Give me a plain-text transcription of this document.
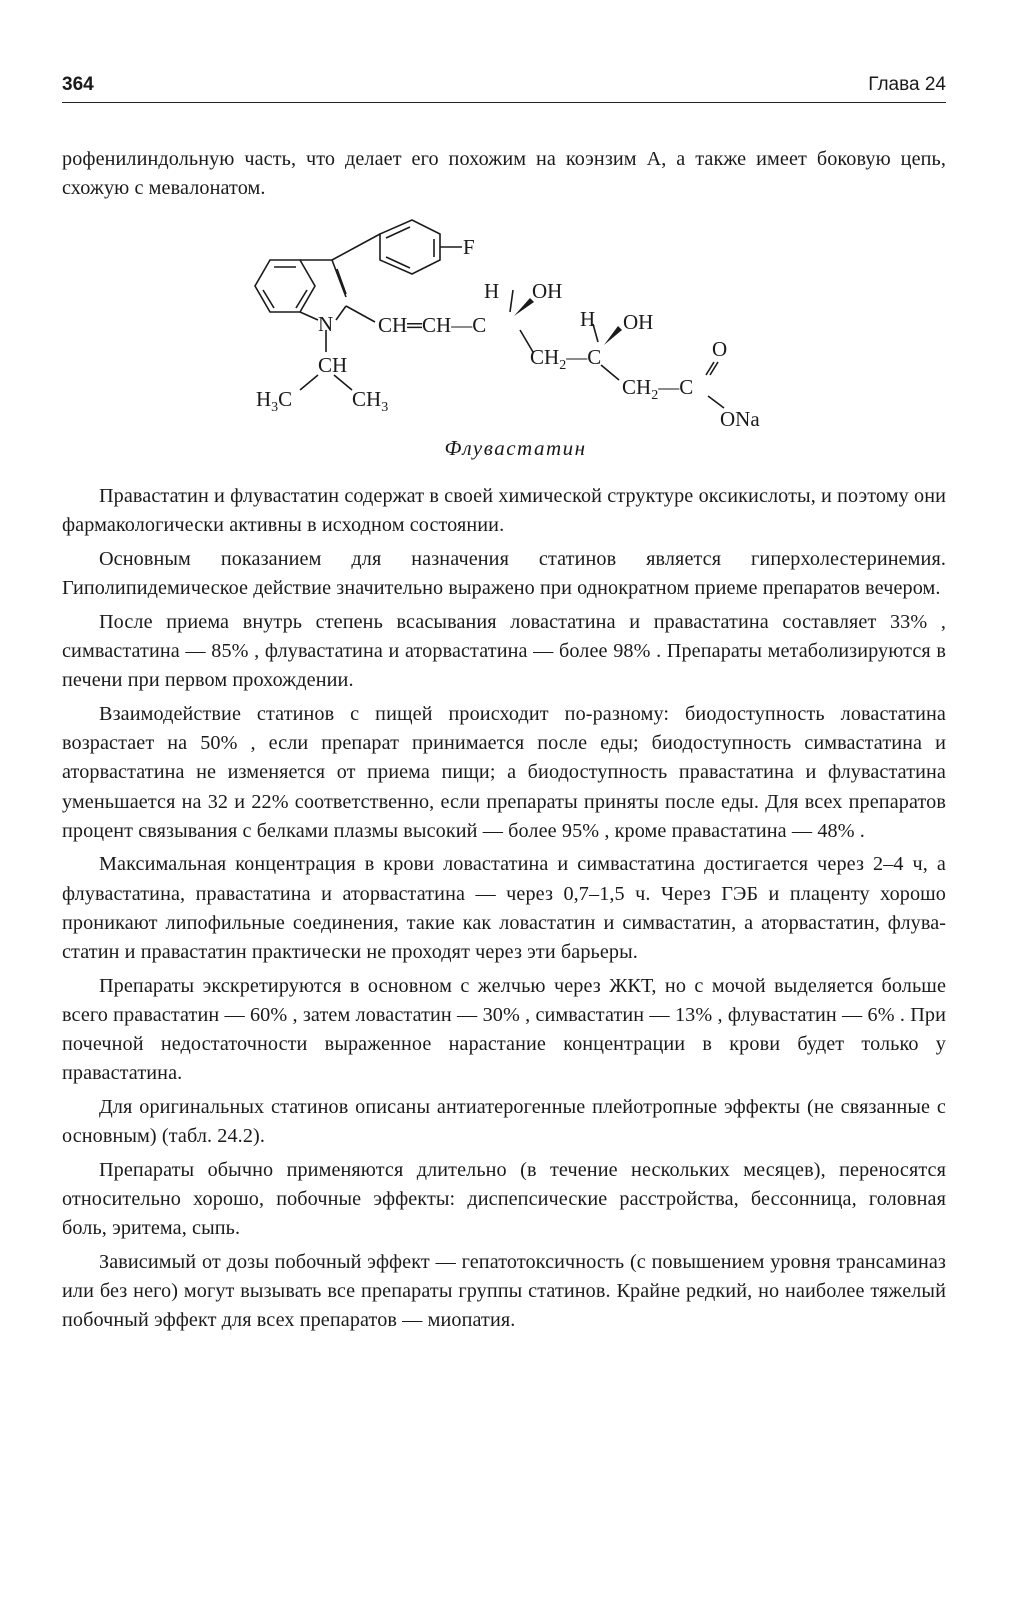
364	Глава 24

рофенилиндольную часть, что делает его похожим на коэнзим А, а также имеет боковую цепь, схожую с мевалонатом.

F
N CH═CH—C
CH
$H_3C$	$CH_3$
H OH
H OH
$CH_2—C$
$CH_2—C$
O
ONa
Флувастатин

Правастатин и флувастатин содержат в своей химической структуре оксикислоты, и поэтому они фармакологически активны в исходном состоянии.

Основным показанием для назначения статинов является гиперхолестеринемия. Гиполипидемическое действие значительно выражено при однократном приеме препаратов вечером.

После приема внутрь степень всасывания ловастатина и правастатина составляет 33% , симвастатина — 85% , флувастатина и аторвастатина — более 98% . Препараты метаболизируются в печени при первом прохождении.

Взаимодействие статинов с пищей происходит по-разному: биодоступность ловастатина возрастает на 50% , если препарат принимается после еды; биодоступность симвастатина и аторвастатина не изменяется от приема пищи; а биодоступность правастатина и флувастатина уменьшается на 32 и 22% соответственно, если препараты приняты после еды. Для всех препаратов процент связывания с белками плазмы высокий — более 95% , кроме правастатина — 48% .

Максимальная концентрация в крови ловастатина и симвастатина достигается через 2–4 ч, а флувастатина, правастатина и аторвастатина — через 0,7–1,5 ч. Через ГЭБ и плаценту хорошо проникают липофильные соединения, такие как ловастатин и симвастатин, а аторвастатин, флувастатин и правастатин практически не проходят через эти барьеры.

Препараты экскретируются в основном с желчью через ЖКТ, но с мочой выделяется больше всего правастатин — 60% , затем ловастатин — 30% , симвастатин — 13% , флувастатин — 6% . При почечной недостаточности выраженное нарастание концентрации в крови будет только у правастатина.

Для оригинальных статинов описаны антиатерогенные плейотропные эффекты (не связанные с основным) (табл. 24.2).

Препараты обычно применяются длительно (в течение нескольких месяцев), переносятся относительно хорошо, побочные эффекты: диспепсические расстройства, бессонница, головная боль, эритема, сыпь.

Зависимый от дозы побочный эффект — гепатотоксичность (с повышением уровня трансаминаз или без него) могут вызывать все препараты группы статинов. Крайне редкий, но наиболее тяжелый побочный эффект для всех препаратов — миопатия.
